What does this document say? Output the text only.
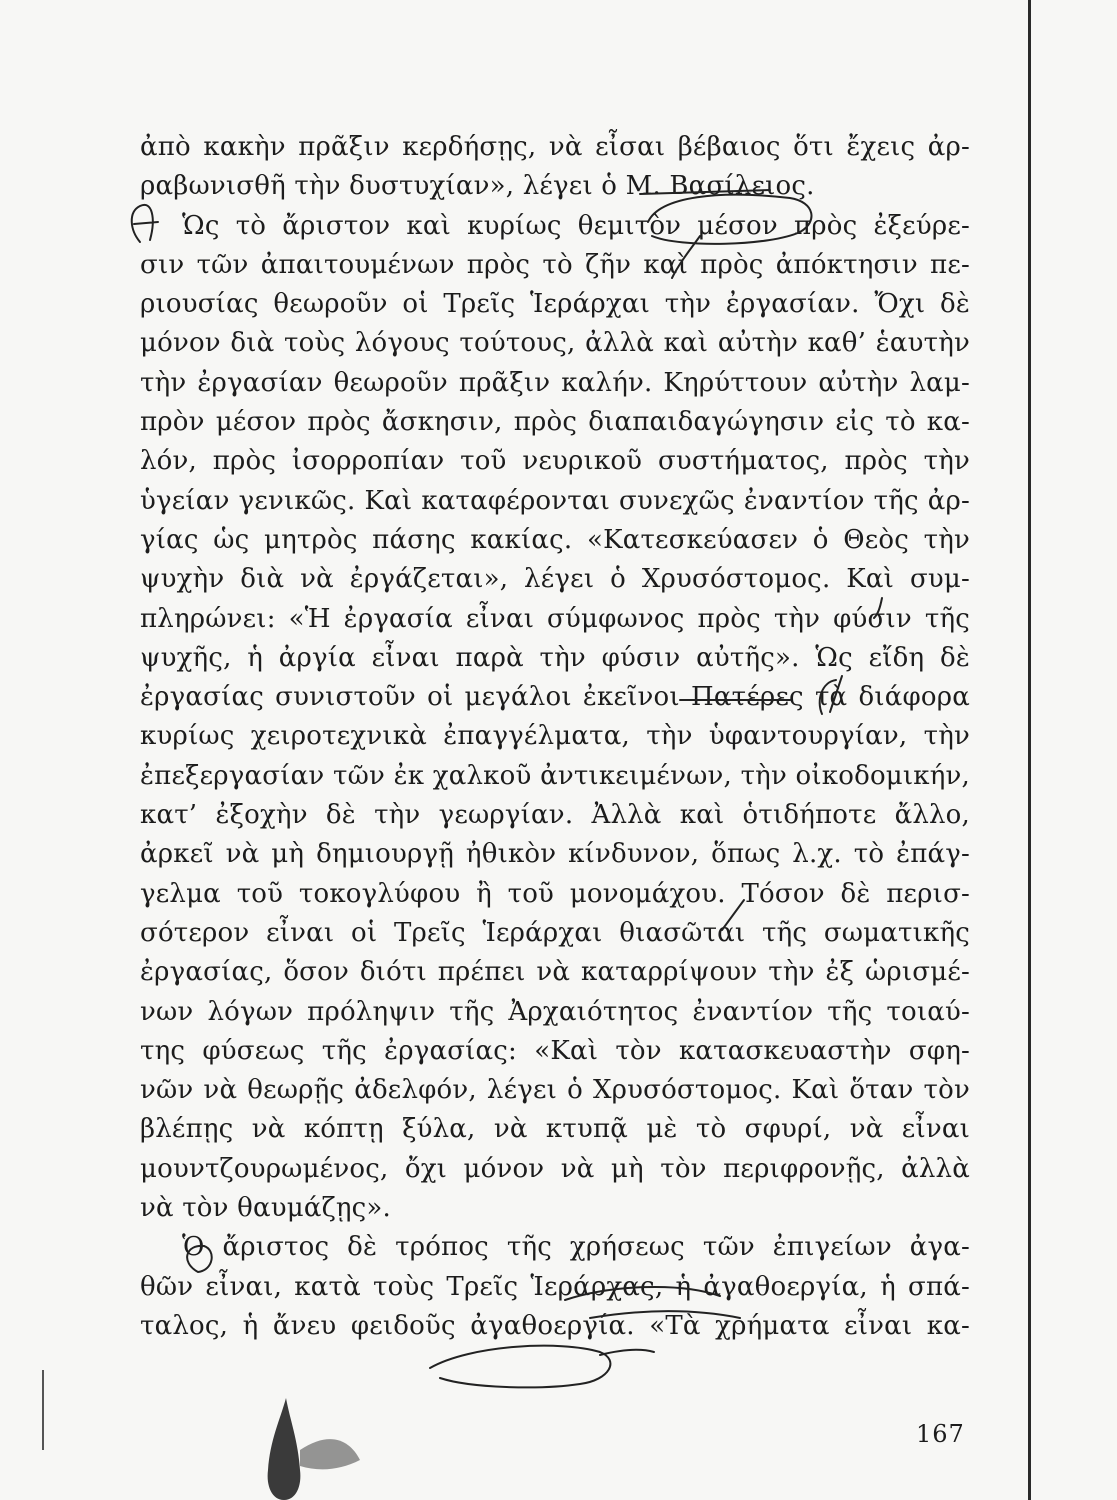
ἀπὸ κακὴν πρᾶξιν κερδήσῃς, νὰ εἶσαι βέβαιος ὅτι ἔχεις ἀρ-
ραβωνισθῆ τὴν δυστυχίαν», λέγει ὁ Μ. Βασίλειος.
Ὡς τὸ ἄριστον καὶ κυρίως θεμιτὸν μέσον πρὸς ἐξεύρε-
σιν τῶν ἀπαιτουμένων πρὸς τὸ ζῆν καὶ πρὸς ἀπόκτησιν πε-
ριουσίας θεωροῦν οἱ Τρεῖς Ἱεράρχαι τὴν ἐργασίαν. Ὄχι δὲ
μόνον διὰ τοὺς λόγους τούτους, ἀλλὰ καὶ αὐτὴν καθ’ ἑαυτὴν
τὴν ἐργασίαν θεωροῦν πρᾶξιν καλήν. Κηρύττουν αὐτὴν λαμ-
πρὸν μέσον πρὸς ἄσκησιν, πρὸς διαπαιδαγώγησιν εἰς τὸ κα-
λόν, πρὸς ἰσορροπίαν τοῦ νευρικοῦ συστήματος, πρὸς τὴν
ὑγείαν γενικῶς. Καὶ καταφέρονται συνεχῶς ἐναντίον τῆς ἀρ-
γίας ὡς μητρὸς πάσης κακίας. «Κατεσκεύασεν ὁ Θεὸς τὴν
ψυχὴν διὰ νὰ ἐργάζεται», λέγει ὁ Χρυσόστομος. Καὶ συμ-
πληρώνει: «Ἡ ἐργασία εἶναι σύμφωνος πρὸς τὴν φύσιν τῆς
ψυχῆς, ἡ ἀργία εἶναι παρὰ τὴν φύσιν αὐτῆς». Ὡς εἴδη δὲ
ἐργασίας συνιστοῦν οἱ μεγάλοι ἐκεῖνοι Πατέρες τὰ διάφορα
κυρίως χειροτεχνικὰ ἐπαγγέλματα, τὴν ὑφαντουργίαν, τὴν
ἐπεξεργασίαν τῶν ἐκ χαλκοῦ ἀντικειμένων, τὴν οἰκοδομικήν,
κατ’ ἐξοχὴν δὲ τὴν γεωργίαν. Ἀλλὰ καὶ ὁτιδήποτε ἄλλο,
ἀρκεῖ νὰ μὴ δημιουργῇ ἠθικὸν κίνδυνον, ὅπως λ.χ. τὸ ἐπάγ-
γελμα τοῦ τοκογλύφου ἢ τοῦ μονομάχου. Τόσον δὲ περισ-
σότερον εἶναι οἱ Τρεῖς Ἱεράρχαι θιασῶται τῆς σωματικῆς
ἐργασίας, ὅσον διότι πρέπει νὰ καταρρίψουν τὴν ἐξ ὡρισμέ-
νων λόγων πρόληψιν τῆς Ἀρχαιότητος ἐναντίον τῆς τοιαύ-
της φύσεως τῆς ἐργασίας: «Καὶ τὸν κατασκευαστὴν σφη-
νῶν νὰ θεωρῇς ἀδελφόν, λέγει ὁ Χρυσόστομος. Καὶ ὅταν τὸν
βλέπῃς νὰ κόπτῃ ξύλα, νὰ κτυπᾷ μὲ τὸ σφυρί, νὰ εἶναι
μουντζουρωμένος, ὄχι μόνον νὰ μὴ τὸν περιφρονῇς, ἀλλὰ
νὰ τὸν θαυμάζῃς».
Ὁ ἄριστος δὲ τρόπος τῆς χρήσεως τῶν ἐπιγείων ἀγα-
θῶν εἶναι, κατὰ τοὺς Τρεῖς Ἱεράρχας, ἡ ἀγαθοεργία, ἡ σπά-
ταλος, ἡ ἄνευ φειδοῦς ἀγαθοεργία. «Τὰ χρήματα εἶναι κα-
167
